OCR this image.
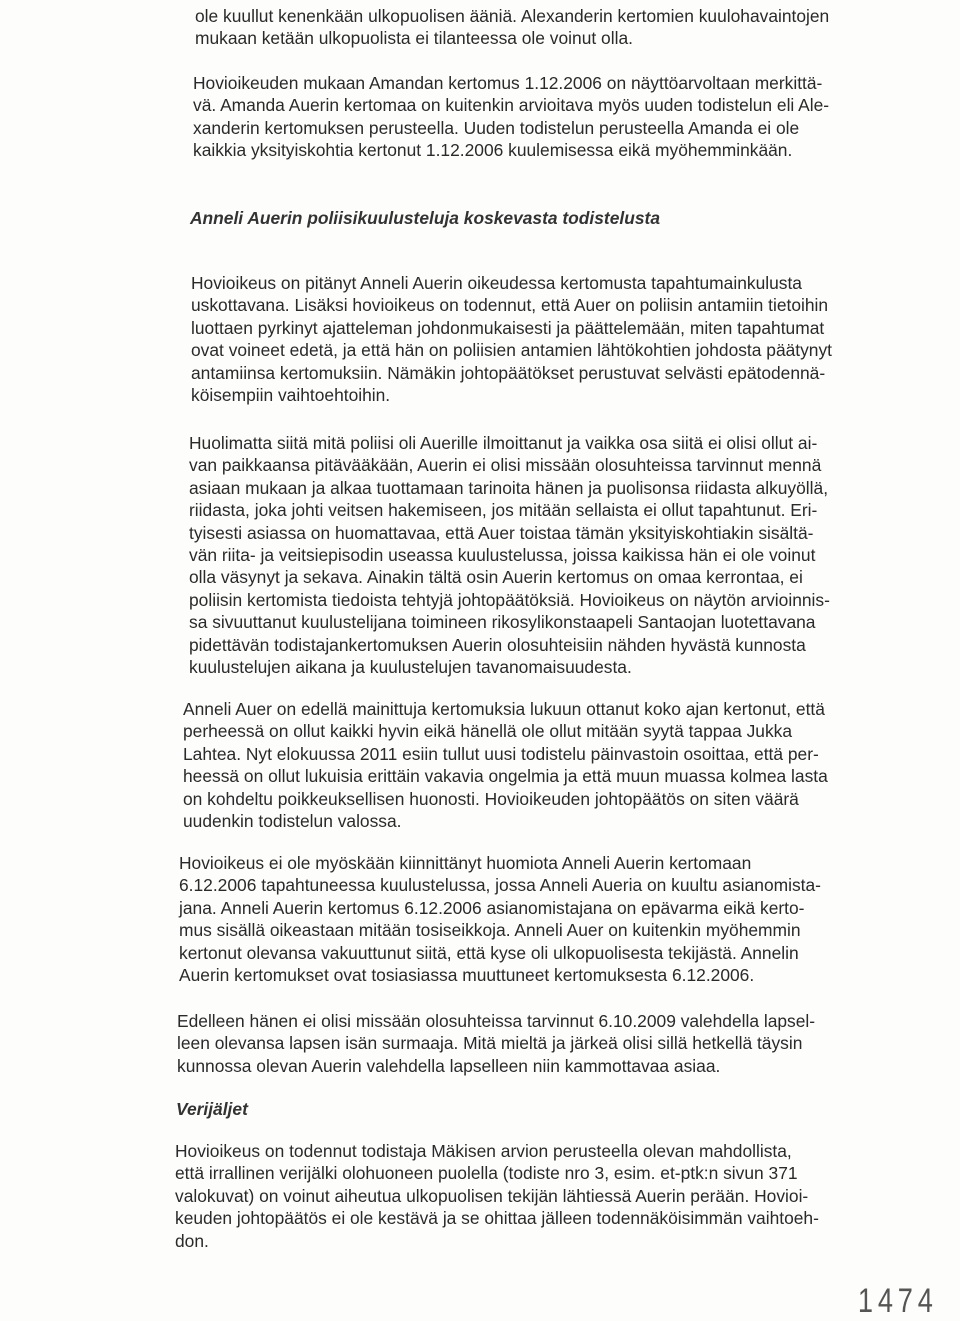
ole kuullut kenenkään ulkopuolisen ääniä. Alexanderin kertomien kuulohavaintojen
mukaan ketään ulkopuolista ei tilanteessa ole voinut olla.
Hovioikeuden mukaan Amandan kertomus 1.12.2006 on näyttöarvoltaan merkittä-
vä. Amanda Auerin kertomaa on kuitenkin arvioitava myös uuden todistelun eli Ale-
xanderin kertomuksen perusteella. Uuden todistelun perusteella Amanda ei ole
kaikkia yksityiskohtia kertonut 1.12.2006 kuulemisessa eikä myöhemminkään.
Anneli Auerin poliisikuulusteluja koskevasta todistelusta
Hovioikeus on pitänyt Anneli Auerin oikeudessa kertomusta tapahtumainkulusta
uskottavana. Lisäksi hovioikeus on todennut, että Auer on poliisin antamiin tietoihin
luottaen pyrkinyt ajatteleman johdonmukaisesti ja päättelemään, miten tapahtumat
ovat voineet edetä, ja että hän on poliisien antamien lähtökohtien johdosta päätynyt
antamiinsa kertomuksiin. Nämäkin johtopäätökset perustuvat selvästi epätodennä-
köisempiin vaihtoehtoihin.
Huolimatta siitä mitä poliisi oli Auerille ilmoittanut ja vaikka osa siitä ei olisi ollut ai-
van paikkaansa pitävääkään, Auerin ei olisi missään olosuhteissa tarvinnut mennä
asiaan mukaan ja alkaa tuottamaan tarinoita hänen ja puolisonsa riidasta alkuyöllä,
riidasta, joka johti veitsen hakemiseen, jos mitään sellaista ei ollut tapahtunut. Eri-
tyisesti asiassa on huomattavaa, että Auer toistaa tämän yksityiskohtiakin sisältä-
vän riita- ja veitsiepisodin useassa kuulustelussa, joissa kaikissa hän ei ole voinut
olla väsynyt ja sekava. Ainakin tältä osin Auerin kertomus on omaa kerrontaa, ei
poliisin kertomista tiedoista tehtyjä johtopäätöksiä. Hovioikeus on näytön arvioinnis-
sa sivuuttanut kuulustelijana toimineen rikosylikonstaapeli Santaojan luotettavana
pidettävän todistajankertomuksen Auerin olosuhteisiin nähden hyvästä kunnosta
kuulustelujen aikana ja kuulustelujen tavanomaisuudesta.
Anneli Auer on edellä mainittuja kertomuksia lukuun ottanut koko ajan kertonut, että
perheessä on ollut kaikki hyvin eikä hänellä ole ollut mitään syytä tappaa Jukka
Lahtea. Nyt elokuussa 2011 esiin tullut uusi todistelu päinvastoin osoittaa, että per-
heessä on ollut lukuisia erittäin vakavia ongelmia ja että muun muassa kolmea lasta
on kohdeltu poikkeuksellisen huonosti. Hovioikeuden johtopäätös on siten väärä
uudenkin todistelun valossa.
Hovioikeus ei ole myöskään kiinnittänyt huomiota Anneli Auerin kertomaan
6.12.2006 tapahtuneessa kuulustelussa, jossa Anneli Aueria on kuultu asianomista-
jana. Anneli Auerin kertomus 6.12.2006 asianomistajana on epävarma eikä kerto-
mus sisällä oikeastaan mitään tosiseikkoja. Anneli Auer on kuitenkin myöhemmin
kertonut olevansa vakuuttunut siitä, että kyse oli ulkopuolisesta tekijästä. Annelin
Auerin kertomukset ovat tosiasiassa muuttuneet kertomuksesta 6.12.2006.
Edelleen hänen ei olisi missään olosuhteissa tarvinnut 6.10.2009 valehdella lapsel-
leen olevansa lapsen isän surmaaja. Mitä mieltä ja järkeä olisi sillä hetkellä täysin
kunnossa olevan Auerin valehdella lapselleen niin kammottavaa asiaa.
Verijäljet
Hovioikeus on todennut todistaja Mäkisen arvion perusteella olevan mahdollista,
että irrallinen verijälki olohuoneen puolella (todiste nro 3, esim. et-ptk:n sivun 371
valokuvat) on voinut aiheutua ulkopuolisen tekijän lähtiessä Auerin perään. Hovioi-
keuden johtopäätös ei ole kestävä ja se ohittaa jälleen todennäköisimmän vaihtoeh-
don.
1474
